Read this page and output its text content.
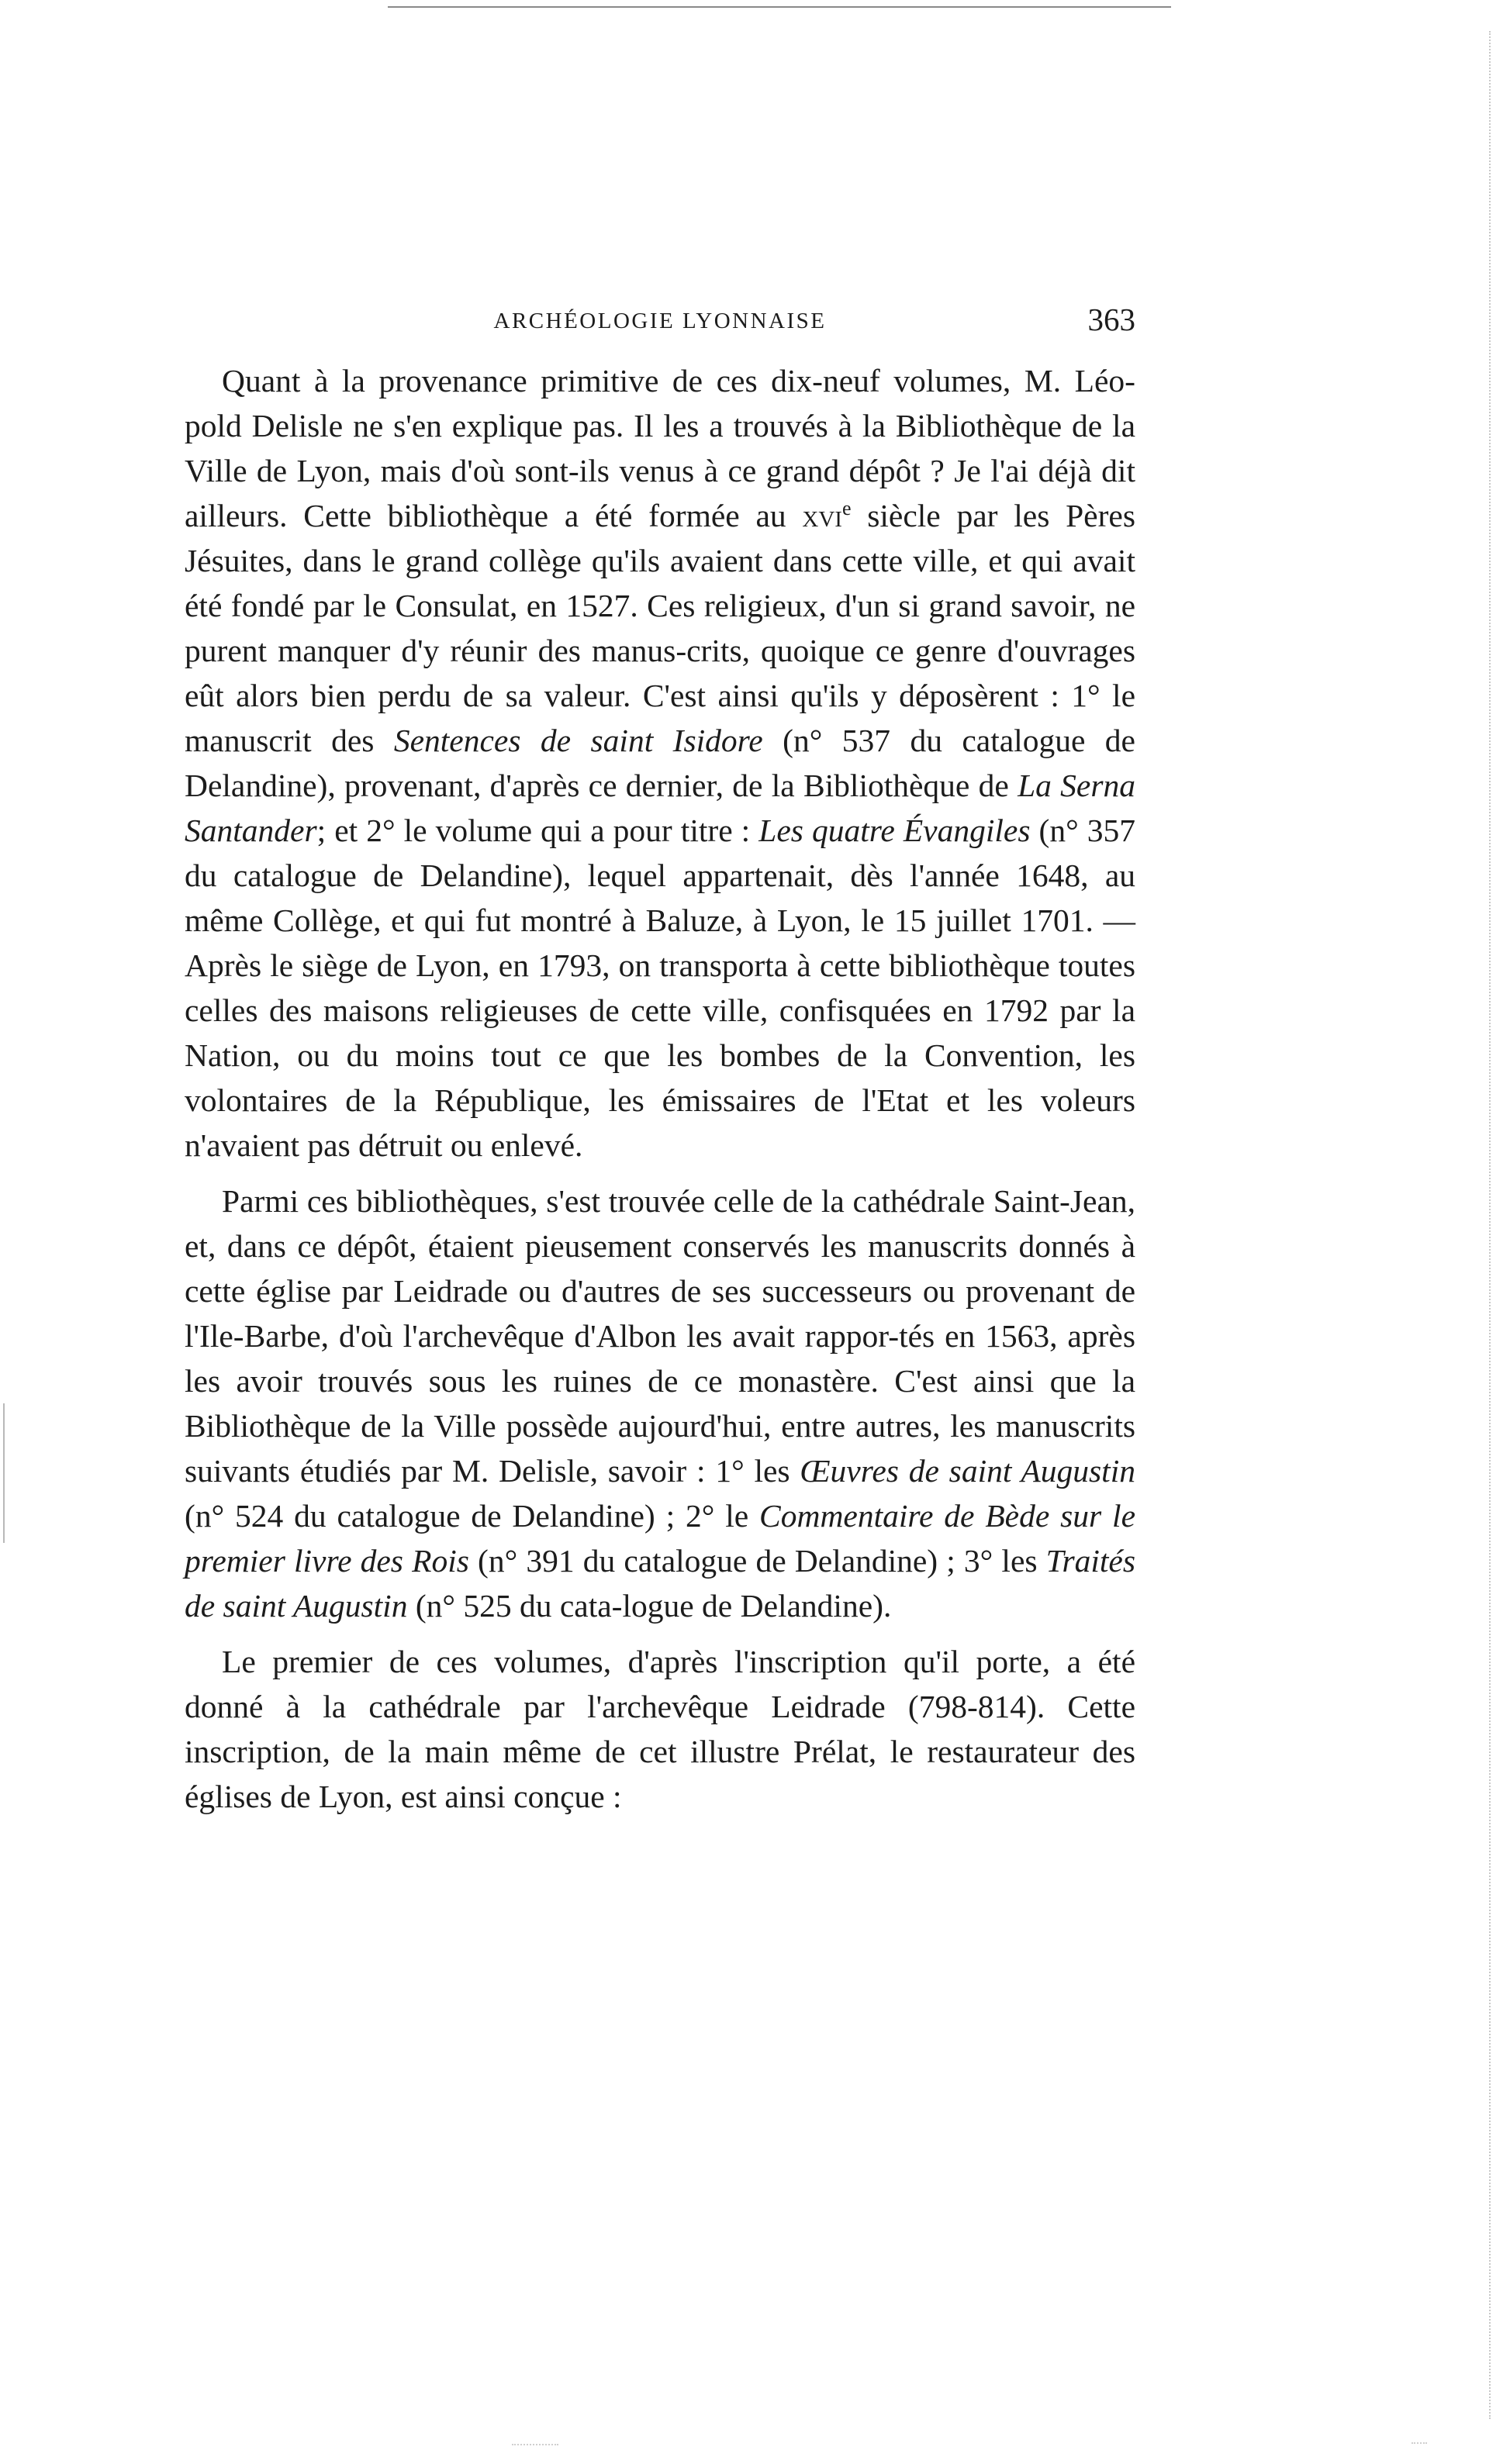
ARCHÉOLOGIE LYONNAISE	363

Quant à la provenance primitive de ces dix-neuf volumes, M. Léo-pold Delisle ne s'en explique pas. Il les a trouvés à la Bibliothèque de la Ville de Lyon, mais d'où sont-ils venus à ce grand dépôt ? Je l'ai déjà dit ailleurs. Cette bibliothèque a été formée au xvi$^e$ siècle par les Pères Jésuites, dans le grand collège qu'ils avaient dans cette ville, et qui avait été fondé par le Consulat, en 1527. Ces religieux, d'un si grand savoir, ne purent manquer d'y réunir des manus-crits, quoique ce genre d'ouvrages eût alors bien perdu de sa valeur. C'est ainsi qu'ils y déposèrent : 1° le manuscrit des Sentences de saint Isidore (n° 537 du catalogue de Delandine), provenant, d'après ce dernier, de la Bibliothèque de La Serna Santander; et 2° le volume qui a pour titre : Les quatre Évangiles (n° 357 du catalogue de Delandine), lequel appartenait, dès l'année 1648, au même Collège, et qui fut montré à Baluze, à Lyon, le 15 juillet 1701. — Après le siège de Lyon, en 1793, on transporta à cette bibliothèque toutes celles des maisons religieuses de cette ville, confisquées en 1792 par la Nation, ou du moins tout ce que les bombes de la Convention, les volontaires de la République, les émissaires de l'Etat et les voleurs n'avaient pas détruit ou enlevé.

Parmi ces bibliothèques, s'est trouvée celle de la cathédrale Saint-Jean, et, dans ce dépôt, étaient pieusement conservés les manuscrits donnés à cette église par Leidrade ou d'autres de ses successeurs ou provenant de l'Ile-Barbe, d'où l'archevêque d'Albon les avait rappor-tés en 1563, après les avoir trouvés sous les ruines de ce monastère. C'est ainsi que la Bibliothèque de la Ville possède aujourd'hui, entre autres, les manuscrits suivants étudiés par M. Delisle, savoir : 1° les Œuvres de saint Augustin (n° 524 du catalogue de Delandine) ; 2° le Commentaire de Bède sur le premier livre des Rois (n° 391 du catalogue de Delandine) ; 3° les Traités de saint Augustin (n° 525 du cata-logue de Delandine).

Le premier de ces volumes, d'après l'inscription qu'il porte, a été donné à la cathédrale par l'archevêque Leidrade (798-814). Cette inscription, de la main même de cet illustre Prélat, le restaurateur des églises de Lyon, est ainsi conçue :
